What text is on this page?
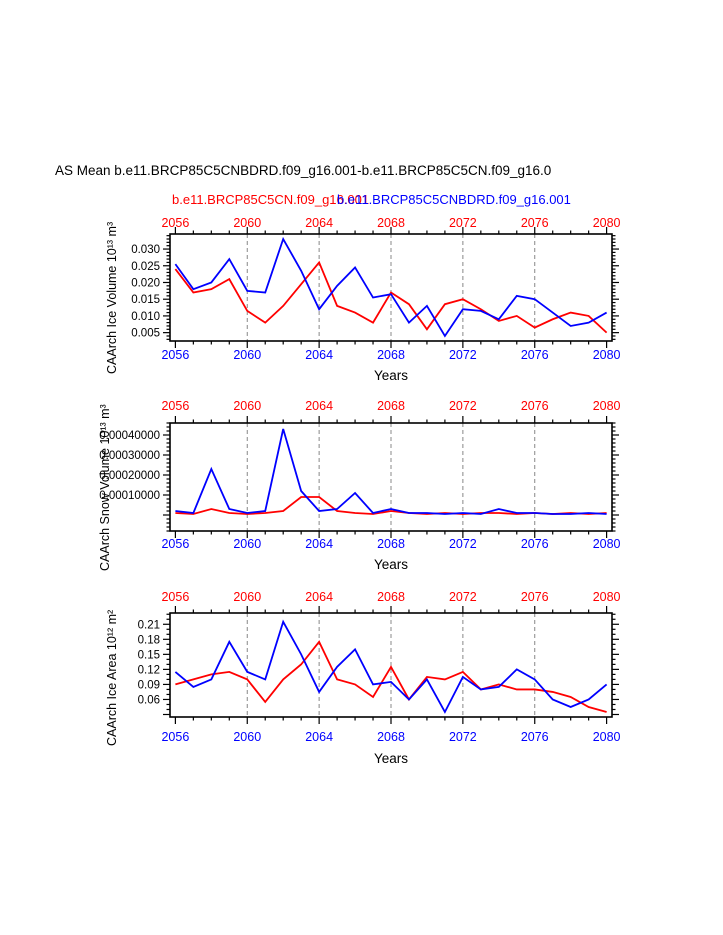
AS Mean b.e11.BRCP85C5CNBDRD.f09_g16.001-b.e11.BRCP85C5CN.f09_g16.0
b.e11.BRCP85C5CN.f09_g16.001
b.e11.BRCP85C5CNBDRD.f09_g16.001
CAArch Ice Volume 10¹³ m³
CAArch Snow Volume 10¹³ m³
CAArch Ice Area 10¹² m²
2056
2056
2060
2060
2064
2064
2068
2068
2072
2072
2076
2076
2080
2080
0.005
0.010
0.015
0.020
0.025
0.030
Years
2056
2056
2060
2060
2064
2064
2068
2068
2072
2072
2076
2076
2080
2080
0.00010000
0.00020000
0.00030000
0.00040000
Years
2056
2056
2060
2060
2064
2064
2068
2068
2072
2072
2076
2076
2080
2080
0.06
0.09
0.12
0.15
0.18
0.21
Years
